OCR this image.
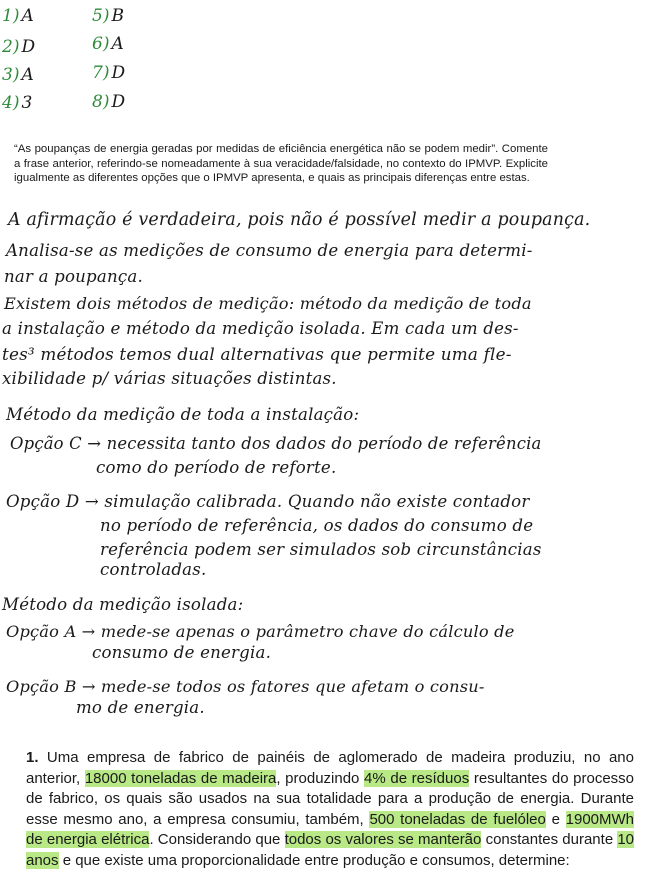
1) A
2) D
3) A
4) 3
5) B
6) A
7) D
8) D
“As poupanças de energia geradas por medidas de eficiência energética não se podem medir”. Comente a frase anterior, referindo-se nomeadamente à sua veracidade/falsidade, no contexto do IPMVP. Explicite igualmente as diferentes opções que o IPMVP apresenta, e quais as principais diferenças entre estas.
A afirmação é verdadeira, pois não é possível medir a poupança.
Analisa-se as medições de consumo de energia para determi-
nar a poupança.
Existem dois métodos de medição: método da medição de toda
a instalação e método da medição isolada. Em cada um des-
tes³ métodos temos dual alternativas que permite uma fle-
xibilidade p/ várias situações distintas.
Método da medição de toda a instalação:
Opção C → necessita tanto dos dados do período de referência
como do período de reforte.
Opção D → simulação calibrada. Quando não existe contador
no período de referência, os dados do consumo de
referência podem ser simulados sob circunstâncias
controladas.
Método da medição isolada:
Opção A → mede-se apenas o parâmetro chave do cálculo de
consumo de energia.
Opção B → mede-se todos os fatores que afetam o consu-
mo de energia.
1. Uma empresa de fabrico de painéis de aglomerado de madeira produziu, no ano anterior, 18000 toneladas de madeira, produzindo 4% de resíduos resultantes do processo de fabrico, os quais são usados na sua totalidade para a produção de energia. Durante esse mesmo ano, a empresa consumiu, também, 500 toneladas de fuelóleo e 1900MWh de energia elétrica. Considerando que todos os valores se manterão constantes durante 10 anos e que existe uma proporcionalidade entre produção e consumos, determine:
